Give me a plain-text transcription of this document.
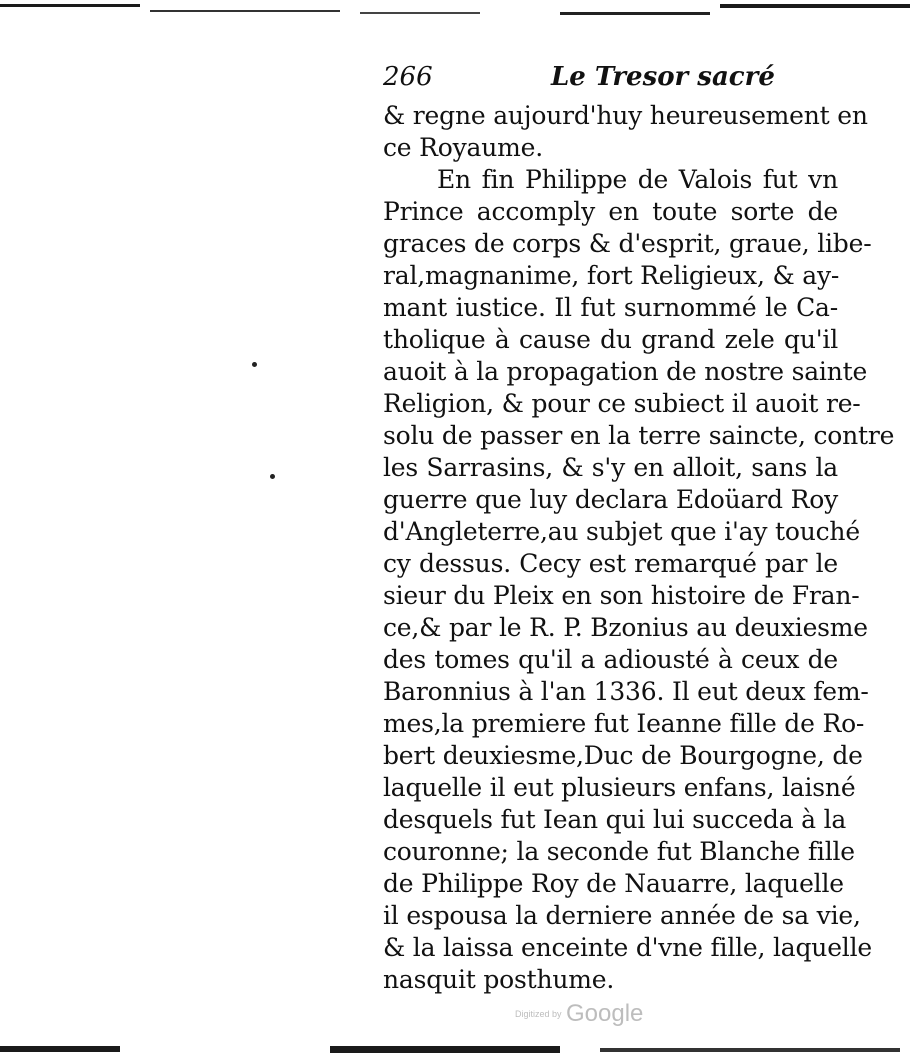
266	Le Tresor sacré
& regne aujourd'huy heureusement en
ce Royaume.
En fin Philippe de Valois fut vn
Prince accomply en toute sorte de
graces de corps & d'esprit, graue, libe-
ral,magnanime, fort Religieux, & ay-
mant iustice. Il fut surnommé le Ca-
tholique à cause du grand zele qu'il
auoit à la propagation de nostre sainte
Religion, & pour ce subiect il auoit re-
solu de passer en la terre saincte, contre
les Sarrasins, & s'y en alloit, sans la
guerre que luy declara Edoüard Roy
d'Angleterre,au subjet que i'ay touché
cy dessus. Cecy est remarqué par le
sieur du Pleix en son histoire de Fran-
ce,& par le R. P. Bzonius au deuxiesme
des tomes qu'il a adiousté à ceux de
Baronnius à l'an 1336. Il eut deux fem-
mes,la premiere fut Ieanne fille de Ro-
bert deuxiesme,Duc de Bourgogne, de
laquelle il eut plusieurs enfans, laisné
desquels fut Iean qui lui succeda à la
couronne; la seconde fut Blanche fille
de Philippe Roy de Nauarre, laquelle
il espousa la derniere année de sa vie,
& la laissa enceinte d'vne fille, laquelle
nasquit posthume.
Digitized by Google
